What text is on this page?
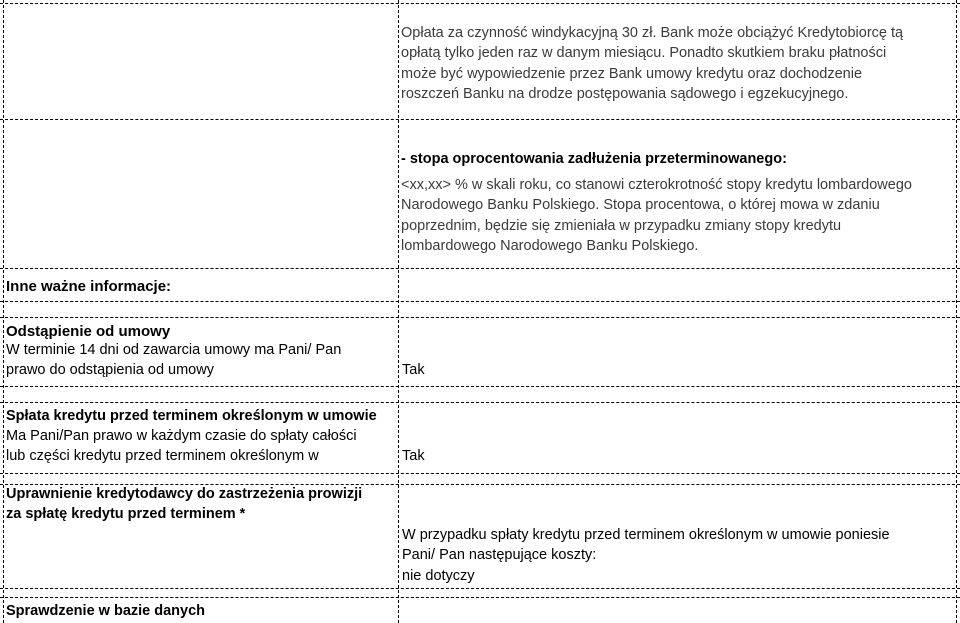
Opłata za czynność windykacyjną 30 zł. Bank może obciążyć Kredytobiorcę tą

opłatą tylko jeden raz w danym miesiącu. Ponadto skutkiem braku płatności

może być wypowiedzenie przez Bank umowy kredytu oraz dochodzenie

roszczeń Banku na drodze postępowania sądowego i egzekucyjnego.

- stopa oprocentowania zadłużenia przeterminowanego:

<xx,xx> % w skali roku, co stanowi czterokrotność stopy kredytu lombardowego

Narodowego Banku Polskiego. Stopa procentowa, o której mowa w zdaniu

poprzednim, będzie się zmieniała w przypadku zmiany stopy kredytu

lombardowego Narodowego Banku Polskiego.

Inne ważne informacje:
Odstąpienie od umowy

W terminie 14 dni od zawarcia umowy ma Pani/ Pan

prawo do odstąpienia od umowy	Tak
Spłata kredytu przed terminem określonym w umowie

Ma Pani/Pan prawo w każdym czasie do spłaty całości

lub części kredytu przed terminem określonym w	Tak

Uprawnienie kredytodawcy do zastrzeżenia prowizji

za spłatę kredytu przed terminem *

W przypadku spłaty kredytu przed terminem określonym w umowie poniesie

Pani/ Pan następujące koszty:

nie dotyczy

Sprawdzenie w bazie danych
